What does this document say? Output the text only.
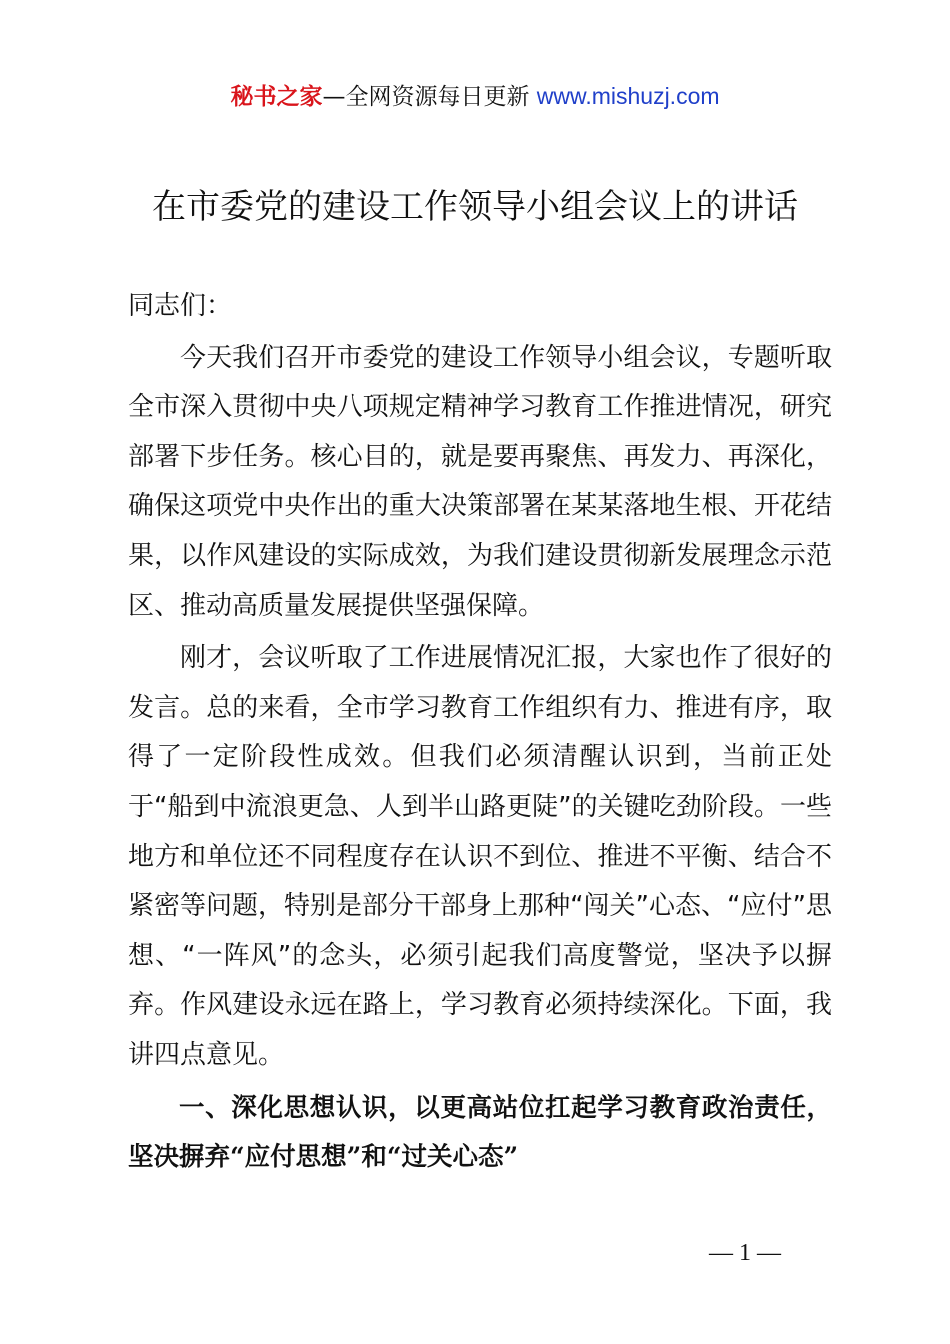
秘书之家—全网资源每日更新 www.mishuzj.com
在市委党的建设工作领导小组会议上的讲话

同志们：

今天我们召开市委党的建设工作领导小组会议，专题听取全市深入贯彻中央八项规定精神学习教育工作推进情况，研究部署下步任务。核心目的，就是要再聚焦、再发力、再深化，确保这项党中央作出的重大决策部署在某某落地生根、开花结果，以作风建设的实际成效，为我们建设贯彻新发展理念示范区、推动高质量发展提供坚强保障。

刚才，会议听取了工作进展情况汇报，大家也作了很好的发言。总的来看，全市学习教育工作组织有力、推进有序，取得了一定阶段性成效。但我们必须清醒认识到，当前正处于“船到中流浪更急、人到半山路更陡”的关键吃劲阶段。一些地方和单位还不同程度存在认识不到位、推进不平衡、结合不紧密等问题，特别是部分干部身上那种“闯关”心态、“应付”思想、“一阵风”的念头，必须引起我们高度警觉，坚决予以摒弃。作风建设永远在路上，学习教育必须持续深化。下面，我讲四点意见。

一、深化思想认识，以更高站位扛起学习教育政治责任，坚决摒弃“应付思想”和“过关心态”

— 1 —
